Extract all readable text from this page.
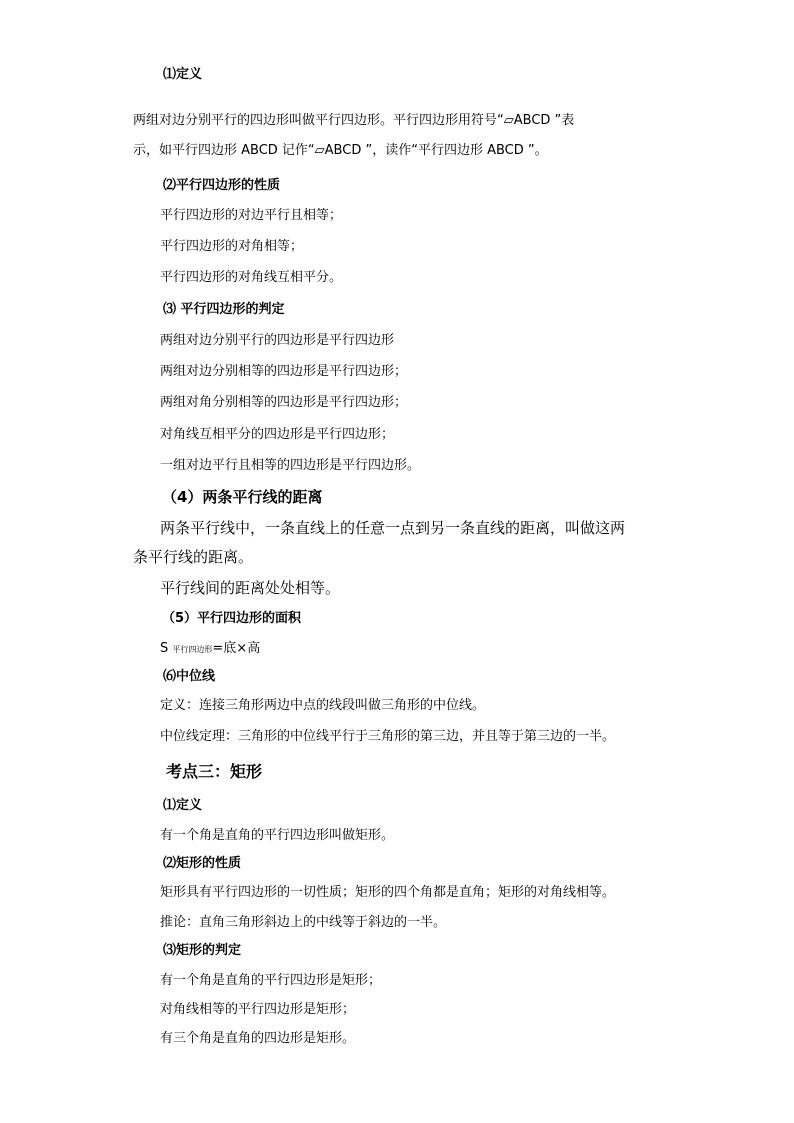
⑴定义
两组对边分别平行的四边形叫做平行四边形。平行四边形用符号“▱ABCD ”表
示，如平行四边形 ABCD 记作“▱ABCD ”，读作“平行四边形 ABCD ”。
⑵平行四边形的性质
平行四边形的对边平行且相等；
平行四边形的对角相等；
平行四边形的对角线互相平分。
⑶ 平行四边形的判定
两组对边分别平行的四边形是平行四边形
两组对边分别相等的四边形是平行四边形；
两组对角分别相等的四边形是平行四边形；
对角线互相平分的四边形是平行四边形；
一组对边平行且相等的四边形是平行四边形。
（4）两条平行线的距离
两条平行线中，一条直线上的任意一点到另一条直线的距离，叫做这两
条平行线的距离。
平行线间的距离处处相等。
（5）平行四边形的面积
S 平行四边形=底×高
⑹中位线
定义：连接三角形两边中点的线段叫做三角形的中位线。
中位线定理：三角形的中位线平行于三角形的第三边，并且等于第三边的一半。
考点三：矩形
⑴定义
有一个角是直角的平行四边形叫做矩形。
⑵矩形的性质
矩形具有平行四边形的一切性质；矩形的四个角都是直角；矩形的对角线相等。
推论：直角三角形斜边上的中线等于斜边的一半。
⑶矩形的判定
有一个角是直角的平行四边形是矩形；
对角线相等的平行四边形是矩形；
有三个角是直角的四边形是矩形。
